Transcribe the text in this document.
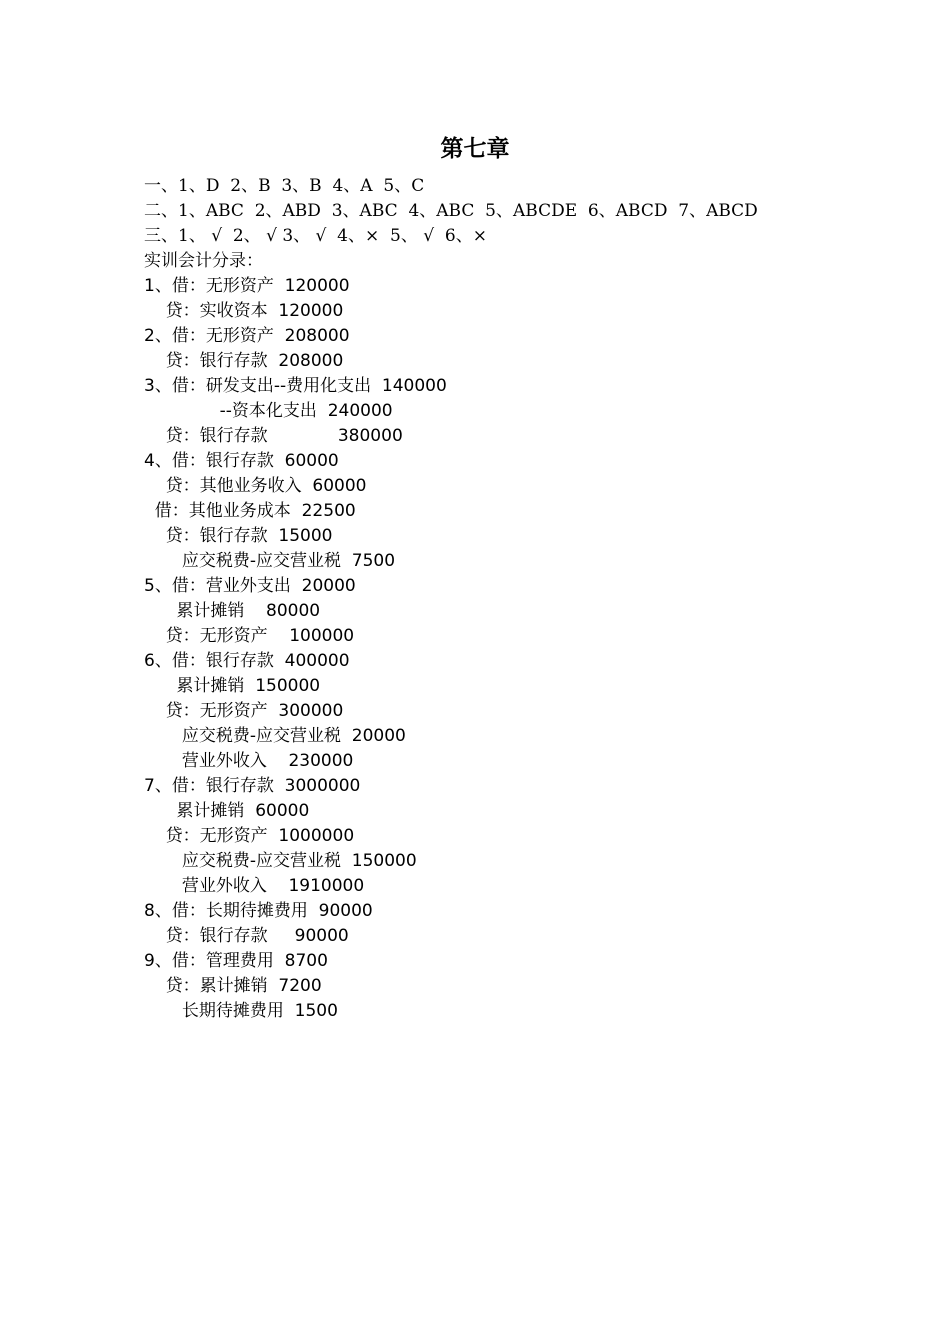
第七章
一、1、D  2、B  3、B  4、A  5、C
二、1、ABC  2、ABD  3、ABC  4、ABC  5、ABCDE  6、ABCD  7、ABCD
三、1、 √  2、 √ 3、 √  4、×  5、 √  6、×
实训会计分录：
1、借：无形资产  120000
贷：实收资本  120000
2、借：无形资产  208000
贷：银行存款  208000
3、借：研发支出--费用化支出  140000
--资本化支出  240000
贷：银行存款             380000
4、借：银行存款  60000
贷：其他业务收入  60000
借：其他业务成本  22500
贷：银行存款  15000
应交税费-应交营业税  7500
5、借：营业外支出  20000
累计摊销    80000
贷：无形资产    100000
6、借：银行存款  400000
累计摊销  150000
贷：无形资产  300000
应交税费-应交营业税  20000
营业外收入    230000
7、借：银行存款  3000000
累计摊销  60000
贷：无形资产  1000000
应交税费-应交营业税  150000
营业外收入    1910000
8、借：长期待摊费用  90000
贷：银行存款     90000
9、借：管理费用  8700
贷：累计摊销  7200
长期待摊费用  1500
